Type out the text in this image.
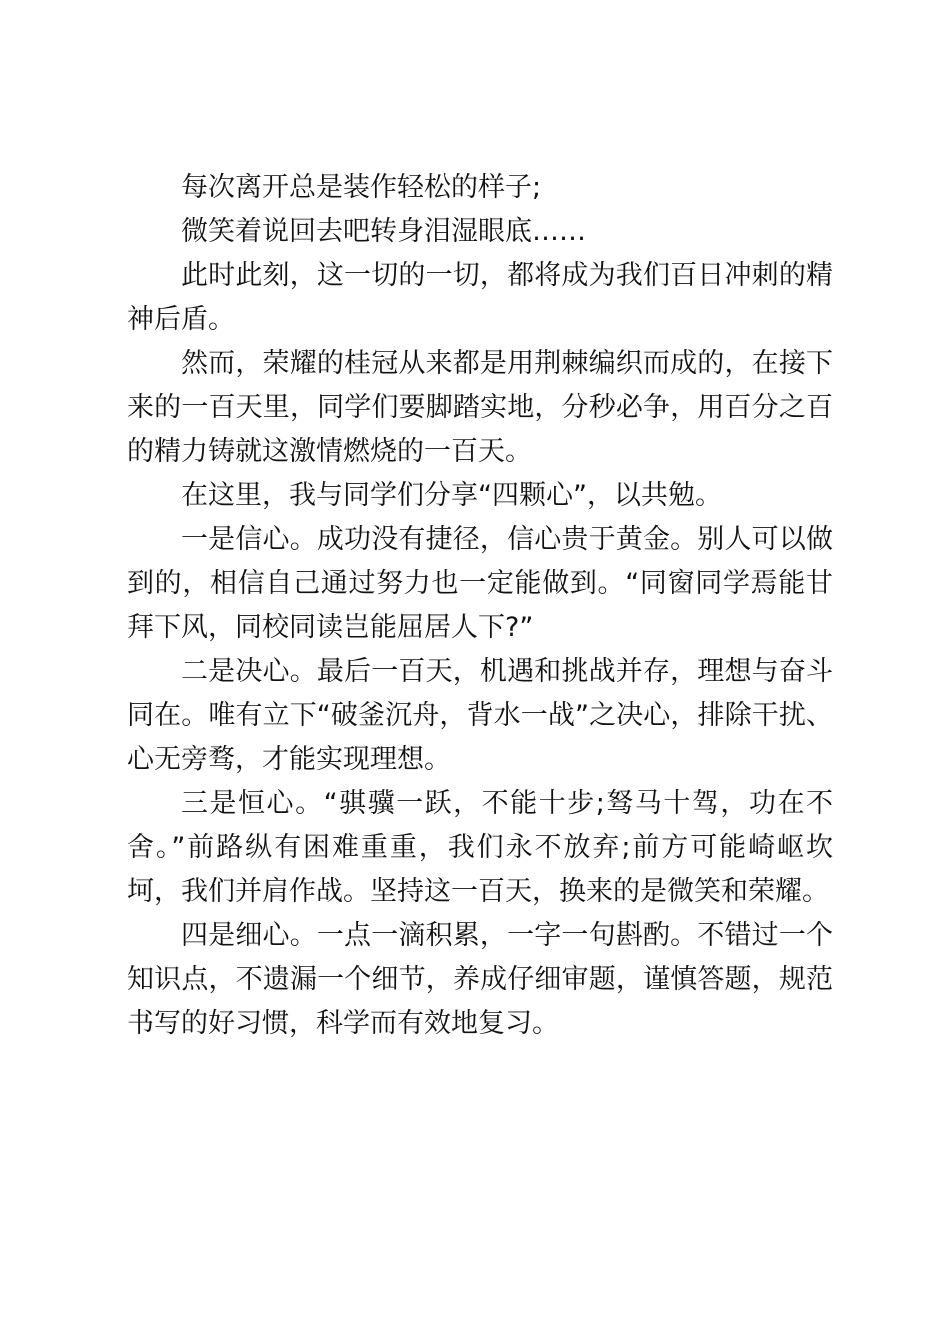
每次离开总是装作轻松的样子;

微笑着说回去吧转身泪湿眼底……

此时此刻，这一切的一切，都将成为我们百日冲刺的精神后盾。

然而，荣耀的桂冠从来都是用荆棘编织而成的，在接下来的一百天里，同学们要脚踏实地，分秒必争，用百分之百的精力铸就这激情燃烧的一百天。

在这里，我与同学们分享“四颗心”，以共勉。

一是信心。成功没有捷径，信心贵于黄金。别人可以做到的，相信自己通过努力也一定能做到。“同窗同学焉能甘拜下风，同校同读岂能屈居人下?”

二是决心。最后一百天，机遇和挑战并存，理想与奋斗同在。唯有立下“破釜沉舟，背水一战”之决心，排除干扰、心无旁骛，才能实现理想。

三是恒心。“骐骥一跃，不能十步;驽马十驾，功在不舍。”前路纵有困难重重，我们永不放弃;前方可能崎岖坎坷，我们并肩作战。坚持这一百天，换来的是微笑和荣耀。

四是细心。一点一滴积累，一字一句斟酌。不错过一个知识点，不遗漏一个细节，养成仔细审题，谨慎答题，规范书写的好习惯，科学而有效地复习。
